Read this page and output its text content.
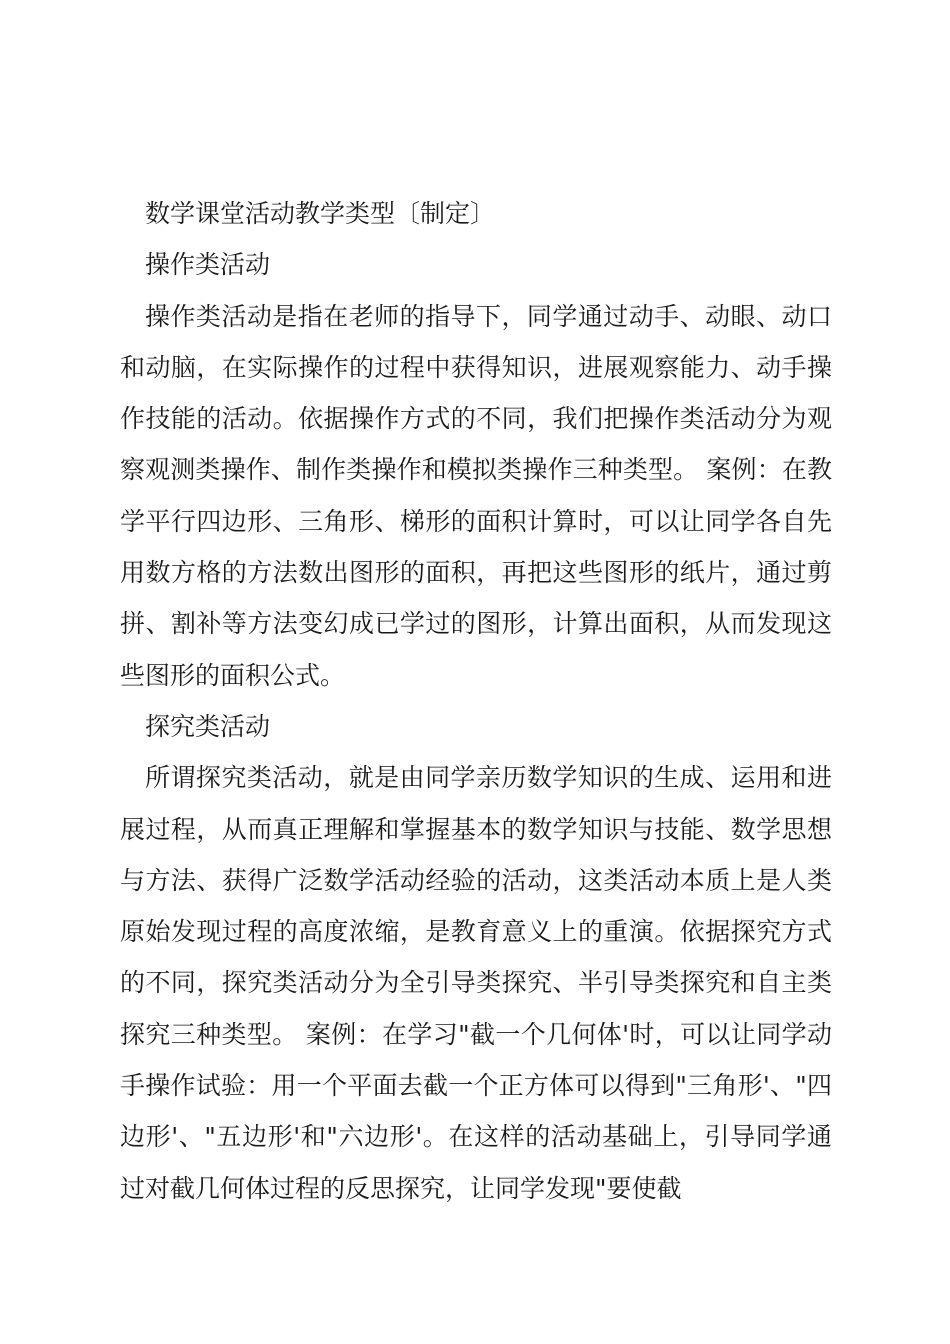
数学课堂活动教学类型〔制定〕

操作类活动

操作类活动是指在老师的指导下，同学通过动手、动眼、动口和动脑，在实际操作的过程中获得知识，进展观察能力、动手操作技能的活动。依据操作方式的不同，我们把操作类活动分为观察观测类操作、制作类操作和模拟类操作三种类型。 案例：在教学平行四边形、三角形、梯形的面积计算时，可以让同学各自先用数方格的方法数出图形的面积，再把这些图形的纸片，通过剪拼、割补等方法变幻成已学过的图形，计算出面积，从而发现这些图形的面积公式。

探究类活动

所谓探究类活动，就是由同学亲历数学知识的生成、运用和进展过程，从而真正理解和掌握基本的数学知识与技能、数学思想与方法、获得广泛数学活动经验的活动，这类活动本质上是人类原始发现过程的高度浓缩，是教育意义上的重演。依据探究方式的不同，探究类活动分为全引导类探究、半引导类探究和自主类探究三种类型。 案例：在学习"截一个几何体'时，可以让同学动手操作试验：用一个平面去截一个正方体可以得到"三角形'、"四边形'、"五边形'和"六边形'。在这样的活动基础上，引导同学通过对截几何体过程的反思探究，让同学发现"要使截
